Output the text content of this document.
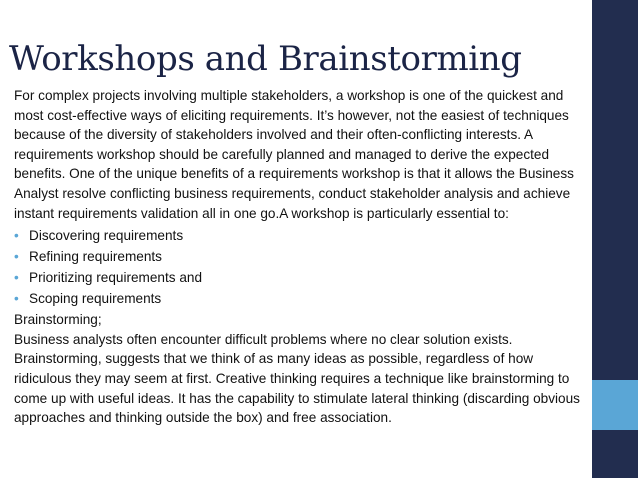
Workshops and Brainstorming

For complex projects involving multiple stakeholders, a workshop is one of the quickest and most cost-effective ways of eliciting requirements. It’s however, not the easiest of techniques because of the diversity of stakeholders involved and their often-conflicting interests. A requirements workshop should be carefully planned and managed to derive the expected benefits. One of the unique benefits of a requirements workshop is that it allows the Business Analyst resolve conflicting business requirements, conduct stakeholder analysis and achieve instant requirements validation all in one go.A workshop is particularly essential to:

• Discovering requirements
• Refining requirements
• Prioritizing requirements and
• Scoping requirements

Brainstorming;

Business analysts often encounter difficult problems where no clear solution exists. Brainstorming, suggests that we think of as many ideas as possible, regardless of how ridiculous they may seem at first. Creative thinking requires a technique like brainstorming to come up with useful ideas. It has the capability to stimulate lateral thinking (discarding obvious approaches and thinking outside the box) and free association.
